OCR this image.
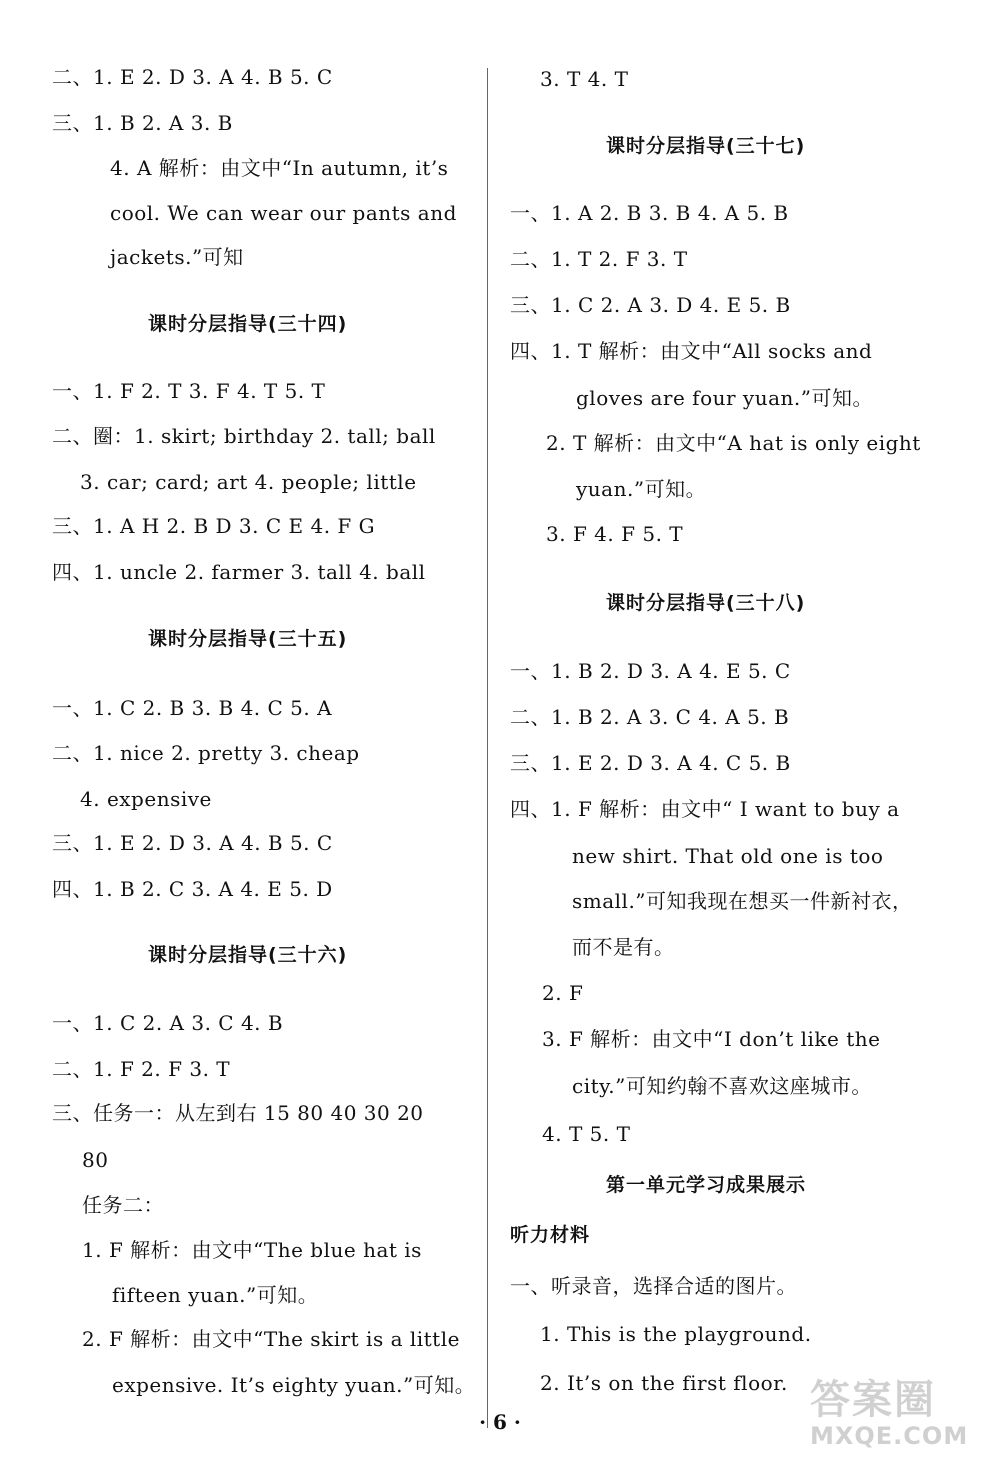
二、1. E 2. D 3. A 4. B 5. C
三、1. B 2. A 3. B
4. A 解析：由文中“In autumn, it’s
cool. We can wear our pants and
jackets.”可知
课时分层指导(三十四)
一、1. F 2. T 3. F 4. T 5. T
二、圈：1. skirt; birthday 2. tall; ball
3. car; card; art 4. people; little
三、1. A H 2. B D 3. C E 4. F G
四、1. uncle 2. farmer 3. tall 4. ball
课时分层指导(三十五)
一、1. C 2. B 3. B 4. C 5. A
二、1. nice 2. pretty 3. cheap
4. expensive
三、1. E 2. D 3. A 4. B 5. C
四、1. B 2. C 3. A 4. E 5. D
课时分层指导(三十六)
一、1. C 2. A 3. C 4. B
二、1. F 2. F 3. T
三、任务一：从左到右 15 80 40 30 20
80
任务二：
1. F 解析：由文中“The blue hat is
fifteen yuan.”可知。
2. F 解析：由文中“The skirt is a little
expensive. It’s eighty yuan.”可知。
3. T 4. T
课时分层指导(三十七)
一、1. A 2. B 3. B 4. A 5. B
二、1. T 2. F 3. T
三、1. C 2. A 3. D 4. E 5. B
四、1. T 解析：由文中“All socks and
gloves are four yuan.”可知。
2. T 解析：由文中“A hat is only eight
yuan.”可知。
3. F 4. F 5. T
课时分层指导(三十八)
一、1. B 2. D 3. A 4. E 5. C
二、1. B 2. A 3. C 4. A 5. B
三、1. E 2. D 3. A 4. C 5. B
四、1. F 解析：由文中“ I want to buy a
new shirt. That old one is too
small.”可知我现在想买一件新衬衣，
而不是有。
2. F
3. F 解析：由文中“I don’t like the
city.”可知约翰不喜欢这座城市。
4. T 5. T
第一单元学习成果展示
听力材料
一、听录音，选择合适的图片。
1. This is the playground.
2. It’s on the first floor.
· 6 ·	答案圈
MXQE.COM
